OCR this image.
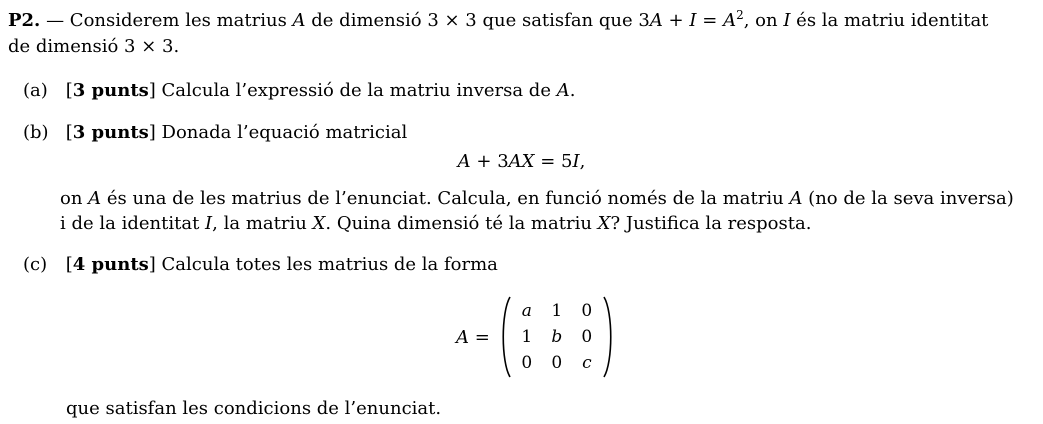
P2. — Considerem les matrius A de dimensió 3 × 3 que satisfan que $3A + I = A^2$, on I és la matriu identitat
de dimensió 3 × 3.
(a) [3 punts] Calcula l’expressió de la matriu inversa de A.
(b) [3 punts] Donada l’equació matricial
A + 3AX = 5I,
on A és una de les matrius de l’enunciat. Calcula, en funció només de la matriu A (no de la seva inversa)
i de la identitat I, la matriu X. Quina dimensió té la matriu X? Justifica la resposta.
(c) [4 punts] Calcula totes les matrius de la forma
A =
a 1 0
1 b 0
0 0 c
que satisfan les condicions de l’enunciat.
